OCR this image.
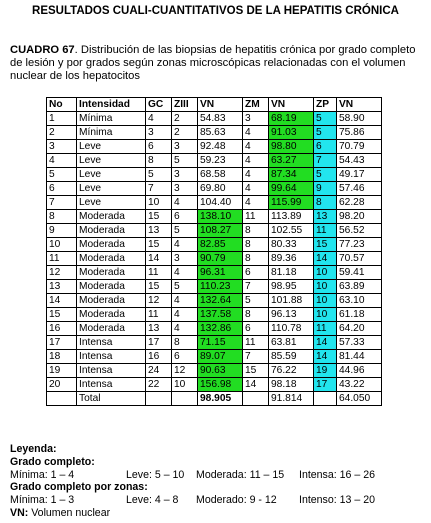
RESULTADOS CUALI-CUANTITATIVOS DE LA HEPATITIS CRÓNICA
CUADRO 67. Distribución de las biopsias de hepatitis crónica por grado completo de lesión y por grados según zonas microscópicas relacionadas con el volumen nuclear de los hepatocitos
No	Intensidad	GC	ZIII	VN	ZM	VN	ZP	VN
1	Mínima	4	2	54.83	3	68.19	5	58.90
2	Mínima	3	2	85.63	4	91.03	5	75.86
3	Leve	6	3	92.48	4	98.80	6	70.79
4	Leve	8	5	59.23	4	63.27	7	54.43
5	Leve	5	3	68.58	4	87.34	5	49.17
6	Leve	7	3	69.80	4	99.64	9	57.46
7	Leve	10	4	104.40	4	115.99	8	62.28
8	Moderada	15	6	138.10	11	113.89	13	98.20
9	Moderada	13	5	108.27	8	102.55	11	56.52
10	Moderada	15	4	82.85	8	80.33	15	77.23
11	Moderada	14	3	90.79	8	89.36	14	70.57
12	Moderada	11	4	96.31	6	81.18	10	59.41
13	Moderada	15	5	110.23	7	98.95	10	63.89
14	Moderada	12	4	132.64	5	101.88	10	63.10
15	Moderada	11	4	137.58	8	96.13	10	61.18
16	Moderada	13	4	132.86	6	110.78	11	64.20
17	Intensa	17	8	71.15	11	63.81	14	57.33
18	Intensa	16	6	89.07	7	85.59	14	81.44
19	Intensa	24	12	90.63	15	76.22	19	44.96
20	Intensa	22	10	156.98	14	98.18	17	43.22
	Total			98.905		91.814		64.050
Leyenda:
Grado completo:
Mínima: 1 – 4	Leve: 5 – 10 Moderada: 11 – 15 Intensa: 16 – 26
Grado completo por zonas:
Mínima: 1 – 3	Leve: 4 – 8 Moderado: 9 - 12 Intenso: 13 – 20
VN: Volumen nuclear
